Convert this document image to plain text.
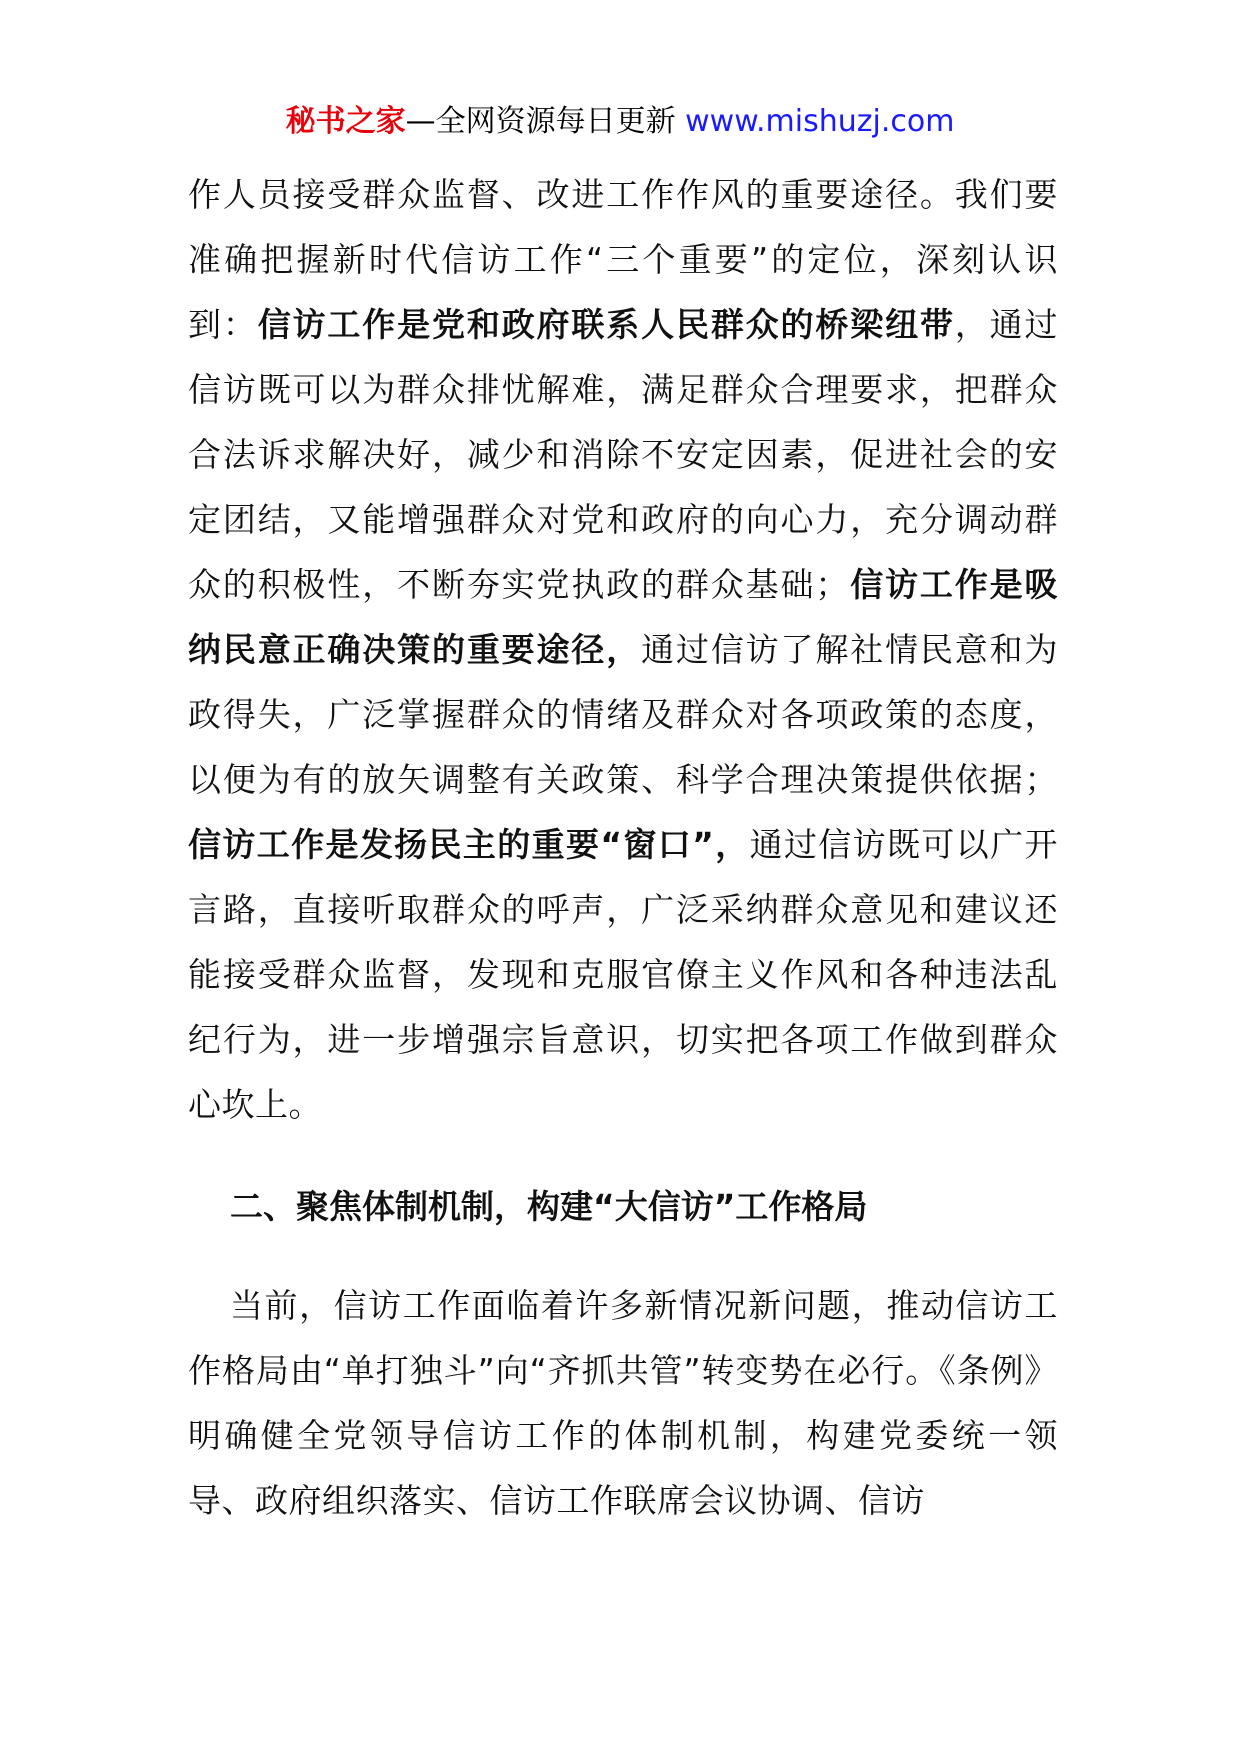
秘书之家—全网资源每日更新 www.mishuzj.com

作人员接受群众监督、改进工作作风的重要途径。我们要准确把握新时代信访工作“三个重要”的定位，深刻认识到：信访工作是党和政府联系人民群众的桥梁纽带，通过信访既可以为群众排忧解难，满足群众合理要求，把群众合法诉求解决好，减少和消除不安定因素，促进社会的安定团结，又能增强群众对党和政府的向心力，充分调动群众的积极性，不断夯实党执政的群众基础；信访工作是吸纳民意正确决策的重要途径，通过信访了解社情民意和为政得失，广泛掌握群众的情绪及群众对各项政策的态度，以便为有的放矢调整有关政策、科学合理决策提供依据；信访工作是发扬民主的重要“窗口”，通过信访既可以广开言路，直接听取群众的呼声，广泛采纳群众意见和建议还能接受群众监督，发现和克服官僚主义作风和各种违法乱纪行为，进一步增强宗旨意识，切实把各项工作做到群众心坎上。

二、聚焦体制机制，构建“大信访”工作格局

当前，信访工作面临着许多新情况新问题，推动信访工作格局由“单打独斗”向“齐抓共管”转变势在必行。《条例》明确健全党领导信访工作的体制机制，构建党委统一领导、政府组织落实、信访工作联席会议协调、信访
